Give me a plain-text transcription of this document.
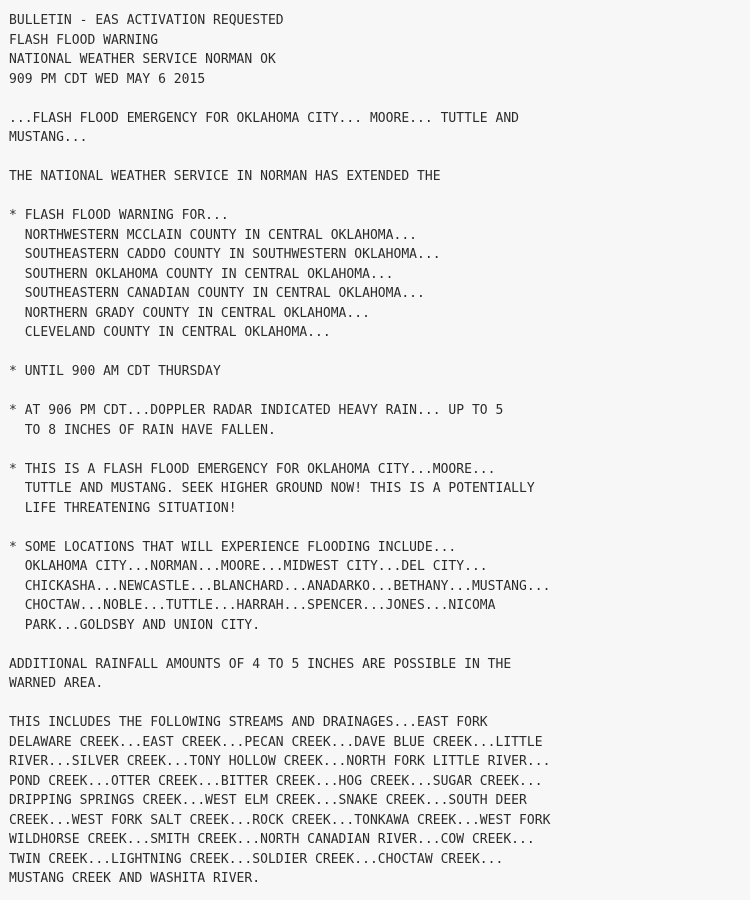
BULLETIN - EAS ACTIVATION REQUESTED
FLASH FLOOD WARNING
NATIONAL WEATHER SERVICE NORMAN OK
909 PM CDT WED MAY 6 2015
...FLASH FLOOD EMERGENCY FOR OKLAHOMA CITY... MOORE... TUTTLE AND
MUSTANG...
THE NATIONAL WEATHER SERVICE IN NORMAN HAS EXTENDED THE
* FLASH FLOOD WARNING FOR...
NORTHWESTERN MCCLAIN COUNTY IN CENTRAL OKLAHOMA...
SOUTHEASTERN CADDO COUNTY IN SOUTHWESTERN OKLAHOMA...
SOUTHERN OKLAHOMA COUNTY IN CENTRAL OKLAHOMA...
SOUTHEASTERN CANADIAN COUNTY IN CENTRAL OKLAHOMA...
NORTHERN GRADY COUNTY IN CENTRAL OKLAHOMA...
CLEVELAND COUNTY IN CENTRAL OKLAHOMA...
* UNTIL 900 AM CDT THURSDAY
* AT 906 PM CDT...DOPPLER RADAR INDICATED HEAVY RAIN... UP TO 5
TO 8 INCHES OF RAIN HAVE FALLEN.
* THIS IS A FLASH FLOOD EMERGENCY FOR OKLAHOMA CITY...MOORE...
TUTTLE AND MUSTANG. SEEK HIGHER GROUND NOW! THIS IS A POTENTIALLY
LIFE THREATENING SITUATION!
* SOME LOCATIONS THAT WILL EXPERIENCE FLOODING INCLUDE...
OKLAHOMA CITY...NORMAN...MOORE...MIDWEST CITY...DEL CITY...
CHICKASHA...NEWCASTLE...BLANCHARD...ANADARKO...BETHANY...MUSTANG...
CHOCTAW...NOBLE...TUTTLE...HARRAH...SPENCER...JONES...NICOMA
PARK...GOLDSBY AND UNION CITY.
ADDITIONAL RAINFALL AMOUNTS OF 4 TO 5 INCHES ARE POSSIBLE IN THE
WARNED AREA.
THIS INCLUDES THE FOLLOWING STREAMS AND DRAINAGES...EAST FORK
DELAWARE CREEK...EAST CREEK...PECAN CREEK...DAVE BLUE CREEK...LITTLE
RIVER...SILVER CREEK...TONY HOLLOW CREEK...NORTH FORK LITTLE RIVER...
POND CREEK...OTTER CREEK...BITTER CREEK...HOG CREEK...SUGAR CREEK...
DRIPPING SPRINGS CREEK...WEST ELM CREEK...SNAKE CREEK...SOUTH DEER
CREEK...WEST FORK SALT CREEK...ROCK CREEK...TONKAWA CREEK...WEST FORK
WILDHORSE CREEK...SMITH CREEK...NORTH CANADIAN RIVER...COW CREEK...
TWIN CREEK...LIGHTNING CREEK...SOLDIER CREEK...CHOCTAW CREEK...
MUSTANG CREEK AND WASHITA RIVER.
